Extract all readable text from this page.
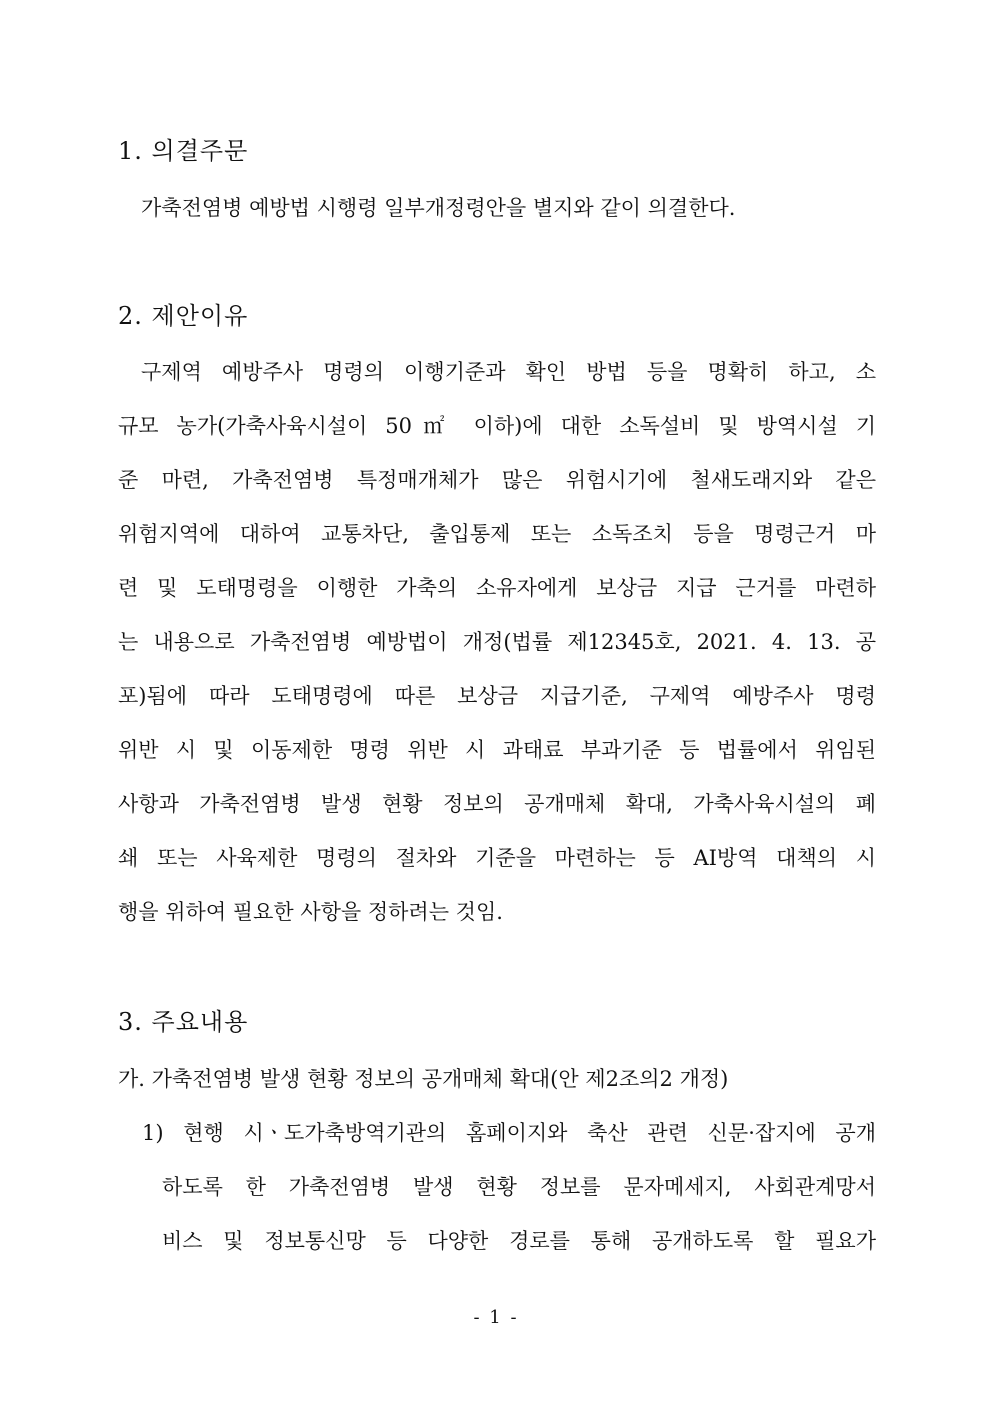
1. 의결주문

가축전염병 예방법 시행령 일부개정령안을 별지와 같이 의결한다.

2. 제안이유

구제역 예방주사 명령의 이행기준과 확인 방법 등을 명확히 하고, 소

규모 농가(가축사육시설이 50㎡ 이하)에 대한 소독설비 및 방역시설 기

준 마련, 가축전염병 특정매개체가 많은 위험시기에 철새도래지와 같은

위험지역에 대하여 교통차단, 출입통제 또는 소독조치 등을 명령근거 마

련 및 도태명령을 이행한 가축의 소유자에게 보상금 지급 근거를 마련하

는 내용으로 가축전염병 예방법이 개정(법률 제12345호, 2021. 4. 13. 공

포)됨에 따라 도태명령에 따른 보상금 지급기준, 구제역 예방주사 명령

위반 시 및 이동제한 명령 위반 시 과태료 부과기준 등 법률에서 위임된

사항과 가축전염병 발생 현황 정보의 공개매체 확대, 가축사육시설의 폐

쇄 또는 사육제한 명령의 절차와 기준을 마련하는 등 AI방역 대책의 시

행을 위하여 필요한 사항을 정하려는 것임.

3. 주요내용

가. 가축전염병 발생 현황 정보의 공개매체 확대(안 제2조의2 개정)

1) 현행 시ㆍ도가축방역기관의 홈페이지와 축산 관련 신문·잡지에 공개

하도록 한 가축전염병 발생 현황 정보를 문자메세지, 사회관계망서

비스 및 정보통신망 등 다양한 경로를 통해 공개하도록 할 필요가

- 1 -
